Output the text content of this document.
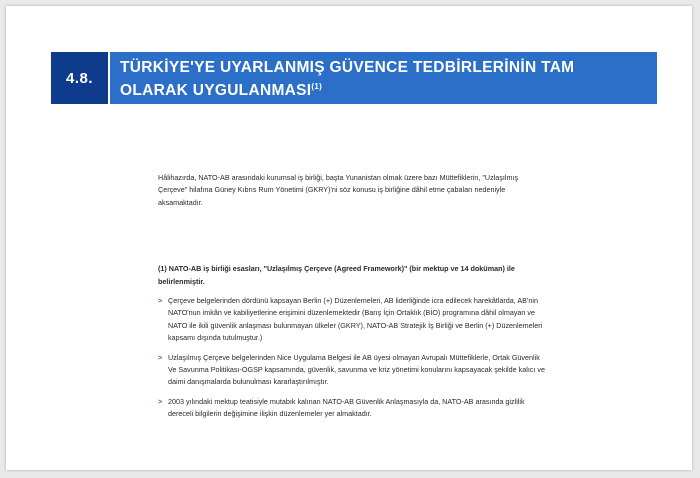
4.8.
TÜRKİYE'YE UYARLANMIŞ GÜVENCE TEDBİRLERİNİN TAM OLARAK UYGULANMASI$^{(1)}$

Hâlihazırda, NATO-AB arasındaki kurumsal iş birliği, başta Yunanistan olmak üzere bazı Müttefiklerin, "Uzlaşılmış Çerçeve" hilafına Güney Kıbrıs Rum Yönetimi (GKRY)'ni söz konusu iş birliğine dâhil etme çabaları nedeniyle aksamaktadır.

(1) NATO-AB iş birliği esasları, "Uzlaşılmış Çerçeve (Agreed Framework)" (bir mektup ve 14 doküman) ile belirlenmiştir.

> Çerçeve belgelerinden dördünü kapsayan Berlin (+) Düzenlemeleri, AB liderliğinde icra edilecek harekâtlarda, AB'nin NATO'nun imkân ve kabiliyetlerine erişimini düzenlemektedir (Barış İçin Ortaklık (BİO) programına dâhil olmayan ve NATO ile ikili güvenlik anlaşması bulunmayan ülkeler (GKRY), NATO-AB Stratejik İş Birliği ve Berlin (+) Düzenlemeleri kapsamı dışında tutulmuştur.)

> Uzlaşılmış Çerçeve belgelerinden Nice Uygulama Belgesi ile AB üyesi olmayan Avrupalı Müttefiklerle, Ortak Güvenlik Ve Savunma Politikası-OGSP kapsamında, güvenlik, savunma ve kriz yönetimi konularını kapsayacak şekilde kalıcı ve daimi danışmalarda bulunulması kararlaştırılmıştır.

> 2003 yılındaki mektup teatisiyle mutabık kalınan NATO-AB Güvenlik Anlaşmasıyla da, NATO-AB arasında gizlilik dereceli bilgilerin değişimine ilişkin düzenlemeler yer almaktadır.
